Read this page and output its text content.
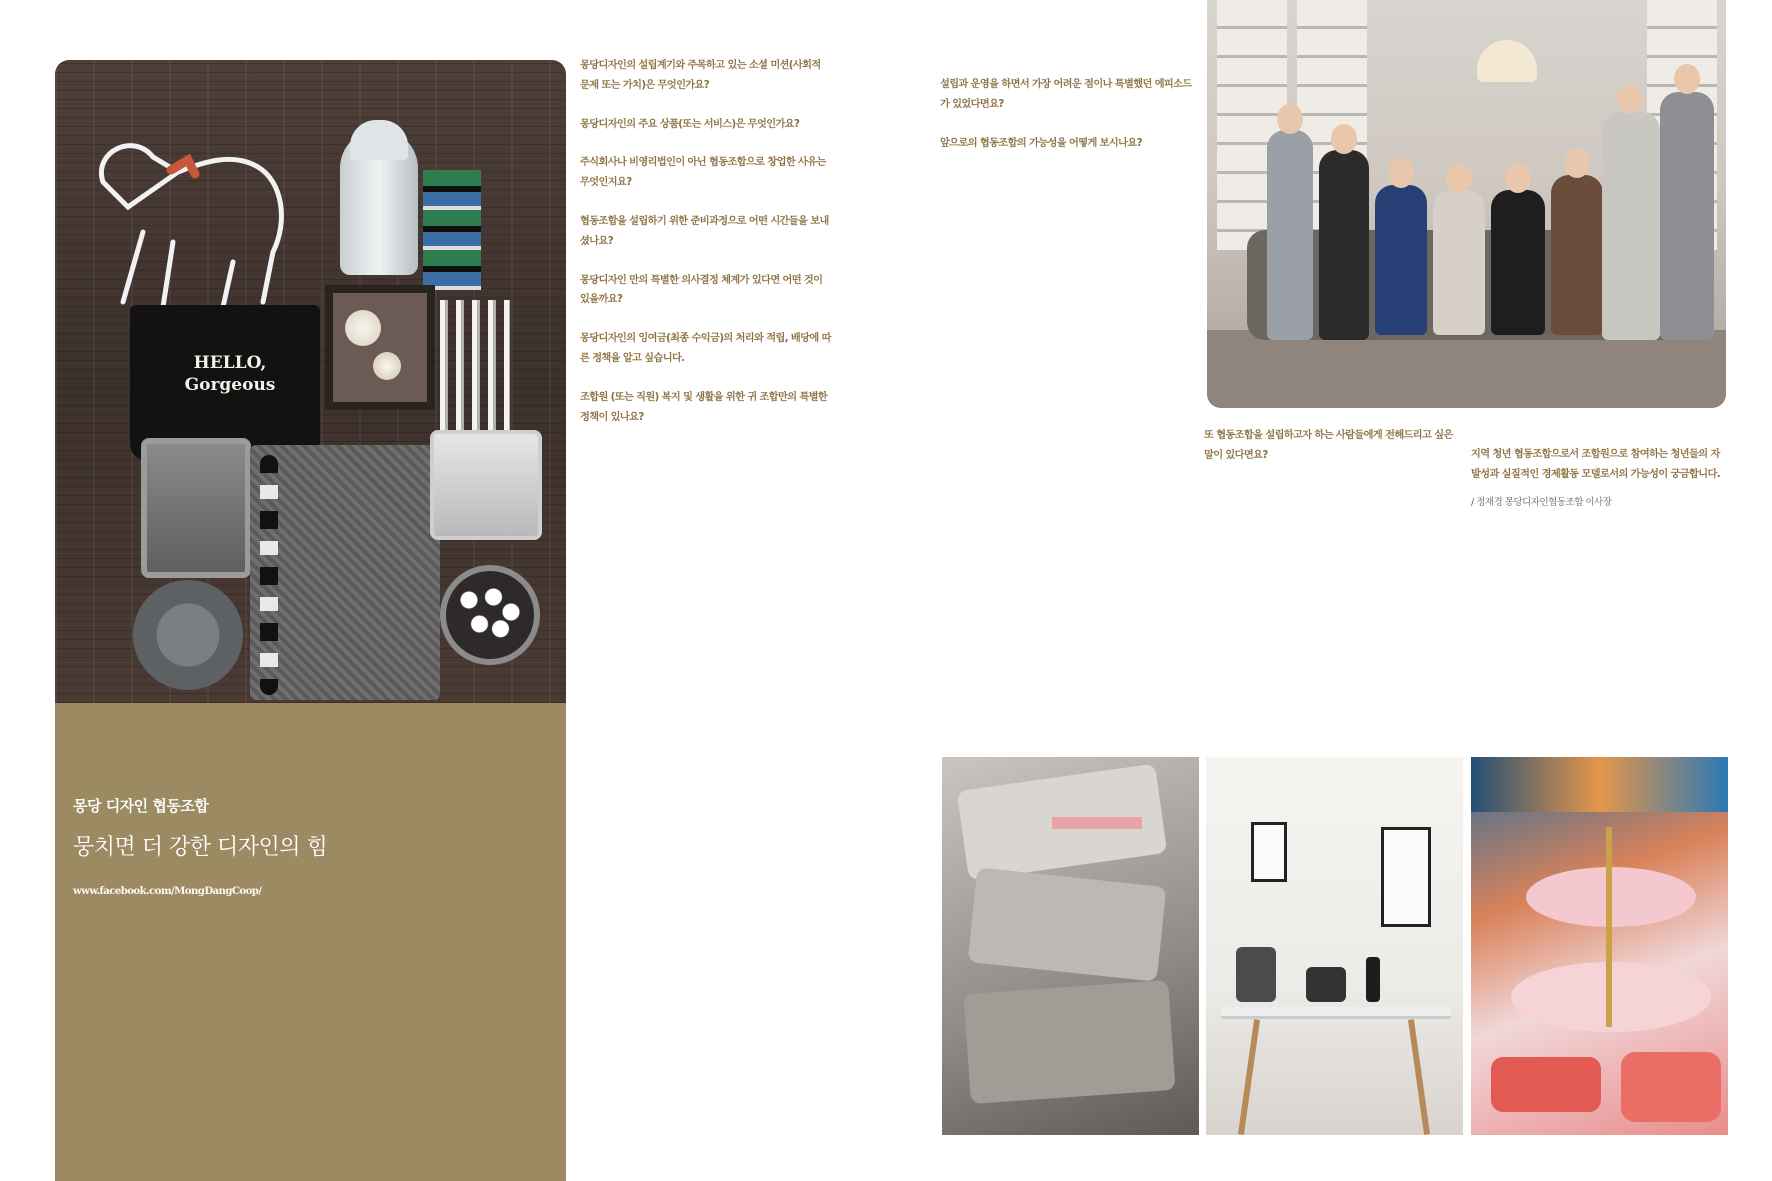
HELLO,
Gorgeous
몽당 디자인 협동조합
뭉치면 더 강한 디자인의 힘
www.facebook.com/MongDangCoop/

몽당디자인의 설립계기와 주목하고 있는 소셜 미션(사회적 문제 또는 가치)은 무엇인가요?

몽당디자인의 주요 상품(또는 서비스)은 무엇인가요?

주식회사나 비영리법인이 아닌 협동조합으로 창업한 사유는 무엇인지요?

협동조합을 설립하기 위한 준비과정으로 어떤 시간들을 보내셨나요?

몽당디자인 만의 특별한 의사결정 체계가 있다면 어떤 것이 있을까요?

몽당디자인의 잉여금(최종 수익금)의 처리와 적립, 배당에 따른 정책을 알고 싶습니다.

조합원 (또는 직원) 복지 및 생활을 위한 귀 조합만의 특별한 정책이 있나요?

설립과 운영을 하면서 가장 어려운 점이나 특별했던 에피소드가 있었다면요?

앞으로의 협동조합의 가능성을 어떻게 보시나요?

또 협동조합을 설립하고자 하는 사람들에게 전해드리고 싶은 말이 있다면요?	지역 청년 협동조합으로서 조합원으로 참여하는 청년들의 자발성과 실질적인 경제활동 모델로서의 가능성이 궁금합니다.

/ 정재경 몽당디자인협동조합 이사장
